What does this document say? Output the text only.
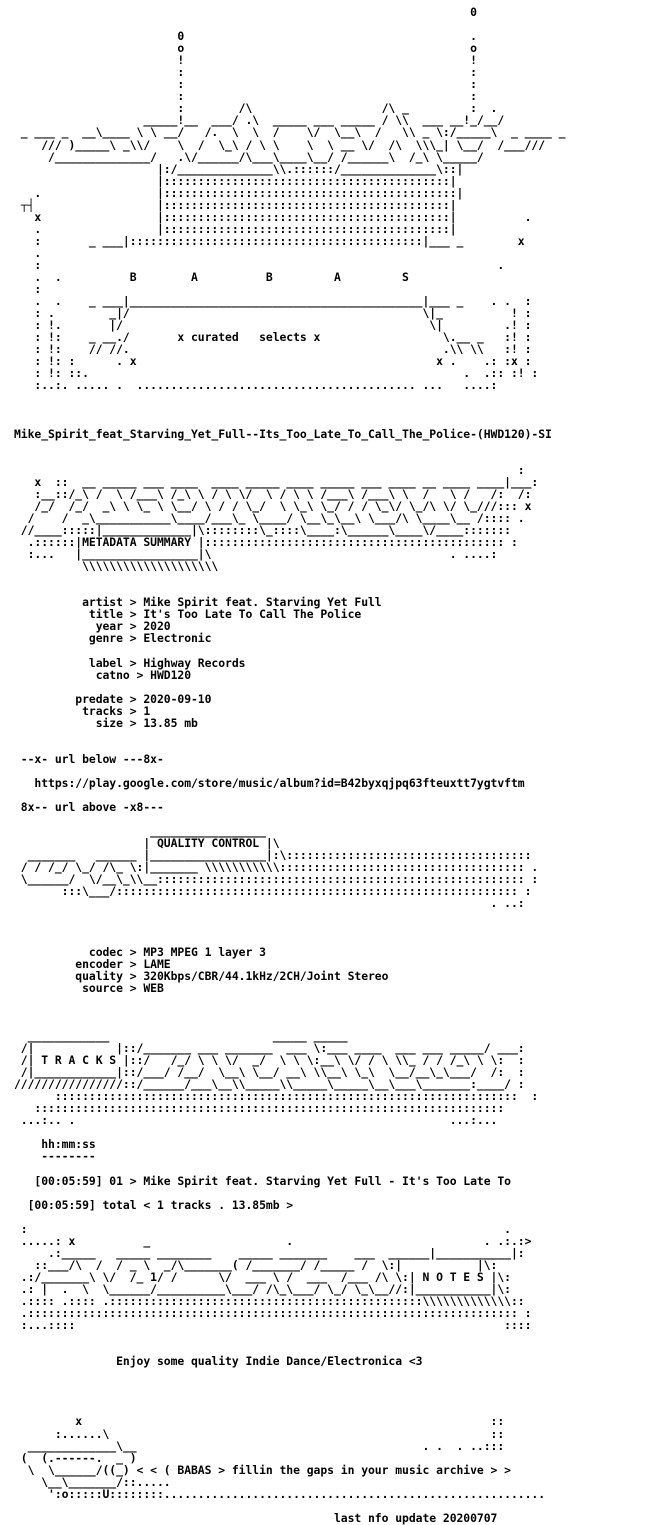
0

0                                          .
o                                          o
!                                          !
:                                          :
:                                          :
:                                          :
:        /\                   /\ _         :  .
_____!__  ___/ .\  _____ ___ _____ / \\  ___ __!_/__/
_ ___ _  __\____ \ \ __/   /.  \  \  /    \/  \__\  /   \\ _ \:/_____\  _ ____ _
/// )_____\ _\\/    \  /  \_\ / \ \    \  \ __ \/  /\  \\\_| \__/  /___///
/______________/   .\/______/\___\____\__/ /______\  /_\ \_____/
|:/______________\\.::::::/______________\::|
|::::::::::::::::::::::::::::::::::::::::::|
.                 |:::::::::::::::::::::::::::::::::::::::::::|
┬┤                  |::::::::::::::::::::::::::::::::::::::::::|
x                 |::::::::::::::::::::::::::::::::::::::::::|          .
.                 |::::::::::::::::::::::::::::::::::::::::::|
:       _ ___|:::::::::::::::::::::::::::::::::::::::::::|___ _        x
.
:                                                                   .
.  .          B        A          B         A         S
:
.  .    _ ___|___________________________________________|___ _    . .  :
: .        _|/                                           \|_          ! :
: !.       |/                                             \|         .! :
: !:    _ __./       x curated   selects x                  \.__ _   :! :
: !:    // //.                                              .\\ \\   :! :
: !: :      . x                                            x .    .: :x :
: !: ::.                                                       .  .:: :! :
:..:. ..... .  ......................................... ...   ....:

Mike_Spirit_feat_Starving_Yet_Full--Its_Too_Late_To_Call_The_Police-(HWD120)-SI

:
x  ::  __ _____ ___ ____  ____ _____ ____ _____ ___ ____ __ ____ ____|___:
:__::/_\ /  \ /___\ /_\ \ / \ \/  \ / \ \ /___\ /___\ \  /   \ /   /:  /:
/_/  /_/  _\ \ \_ \ \__/ \ / / \_/  \ \_\ \_/ / / \_\/ \_/\ \/ \_///::: x
/    /  _\___________\____/___\_ \____/ \__\_\__\ \___/\ \____\__ /:::: .
//____:::::|_____________|\::::::::\_::::\____:\______\____\/____:::::::
.::::::|METADATA SUMMARY |:::::::::::::::::::::::::::::::::::::::::::: :
:...   |_________________|\                                   . ....:
\\\\\\\\\\\\\\\\\\\\

artist > Mike Spirit feat. Starving Yet Full
title > It's Too Late To Call The Police
year > 2020
genre > Electronic

label > Highway Records
catno > HWD120

predate > 2020-09-10
tracks > 1
size > 13.85 mb

--x- url below ---8x-

https://play.google.com/store/music/album?id=B42byxqjpq63fteuxtt7ygtvftm

8x-- url above -x8---

_________________
| QUALITY CONTROL |\
_______   ______ |_________________|:\::::::::::::::::::::::::::::::::::::
/ / /_/ \_/ /\_ \:|_______ \\\\\\\\\\\:::::::::::::::::::::::::::::::::::: .
\______/  \/__\_\\__:::::::::::::::::::::::::::::::::::::::::::::::::::::: :
:::\___/::::::::::::::::::::::::::::::::::::::::::::::::::::::::::: :
. ..:

codec > MP3 MPEG 1 layer 3
encoder > LAME
quality > 320Kbps/CBR/44.1kHz/2CH/Joint Stereo
source > WEB

____________                        _____ _____
/|            |::/_______ ___ _______  ___ \:___ ____  ___ ___ _____/ ___:
/| T R A C K S |::/   /_/ \ \ \/  _/  \ \ \:__\ \/ / \ \\_ / / /_\ \ \:  :
/|____________|::/___/ /__/  \__\ \__/ __\ \\__\ \_\  \__/__\_\___/  /:  :
////////////////::/______/___\__\\_____\\_____\_____\__\___\_______:____/ :
::::::::::::::::::::::::::::::::::::::::::::::::::::::::::::::::::::  :
:::::::::::::::::::::::::::::::::::::::::::::::::::::::::::::::::::::
...:.. .                                                       ...:...

hh:mm:ss
--------

[00:05:59] 01 > Mike Spirit feat. Starving Yet Full - It's Too Late To

[00:05:59] total < 1 tracks . 13.85mb >

:                                                                      .
.....: x          _                    .                            . .:.:>
.:_____   _____ ________    _____ _______    ___  ______|___________|:
::___/\  /  / _ \  _/\_______( /_______/ /_____ /  \:|           |\:
.:/_______\ \/  /_ 1/ /      \/  ___ \ /  ___  /___ /\ \:| N O T E S |\:
.: |  .  \  \______/__________\___/ /\_\___/ \_/ \_\__//:|___________|\:
.:::: .:::: .::::::::::::::::::::::::::::::::::::::::::::::\\\\\\\\\\\\\::
.:::::::::::::::::::::::::::::::::::::::::::::::::::::::::::::::::::::::: :
:...::::                                                               ::::

Enjoy some quality Indie Dance/Electronica <3

x                                                            ::
:......\                                                        ::
_____________\__                                          . .  . ..:::
(  (.------.  _ )
\  \______/((_) < < ( BABAS > fillin the gaps in your music archive > >
\__\_______/::.....
':o:::::U::::::::........................................................

last nfo update 20200707
